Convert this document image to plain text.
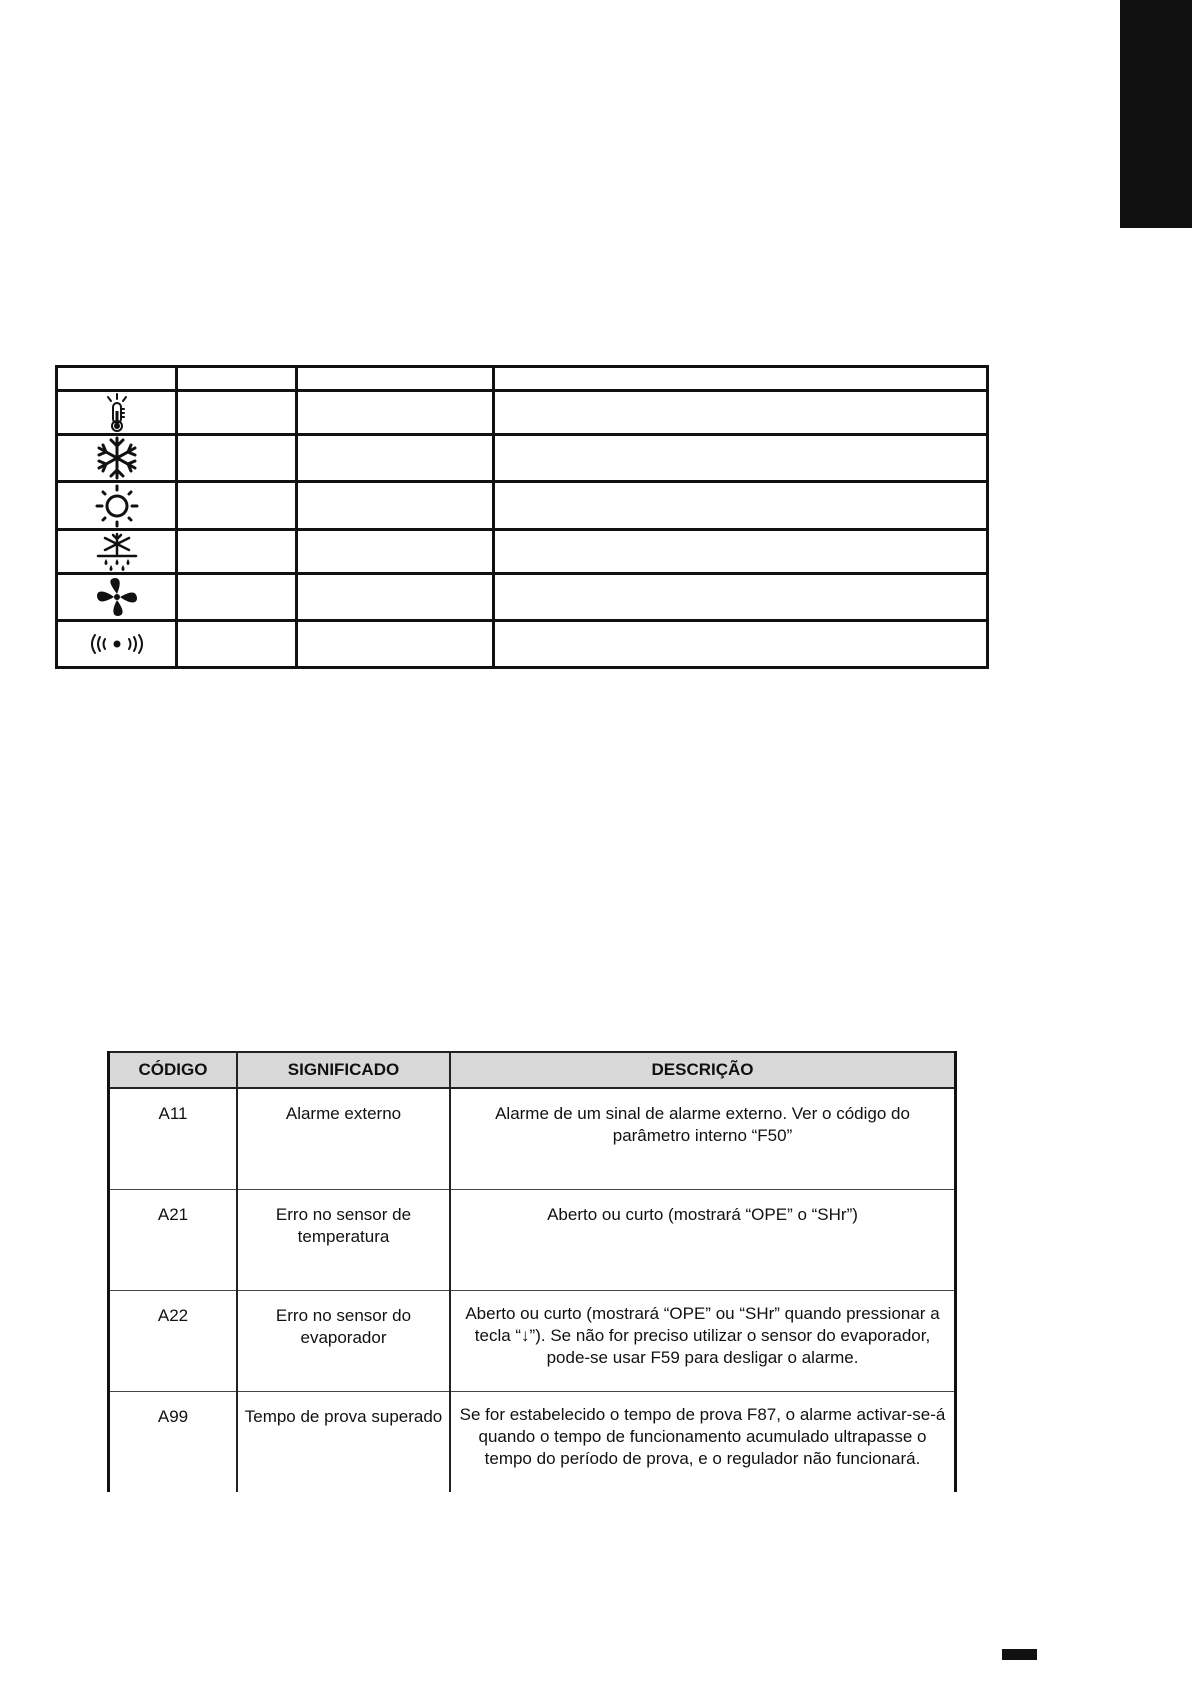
CÓDIGO	SIGNIFICADO	DESCRIÇÃO
A11	Alarme externo	Alarme de um sinal de alarme externo. Ver o código do parâmetro interno “F50”
A21	Erro no sensor de temperatura	Aberto ou curto (mostrará “OPE” o “SHr”)
A22	Erro no sensor do evaporador	Aberto ou curto (mostrará “OPE” ou “SHr” quando pressionar a tecla “↓”). Se não for preciso utilizar o sensor do evaporador, pode-se usar F59 para desligar o alarme.
A99	Tempo de prova superado	Se for estabelecido o tempo de prova F87, o alarme activar-se-á quando o tempo de funcionamento acumulado ultrapasse o tempo do período de prova, e o regulador não funcionará.
